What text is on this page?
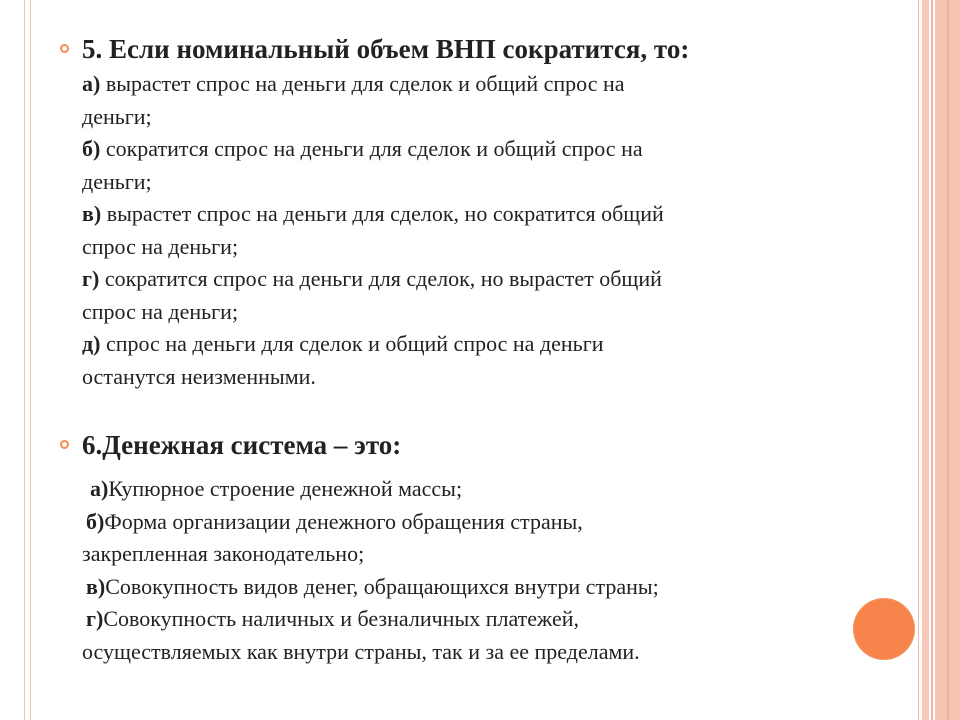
5. Если номинальный объем ВНП сократится, то:
а) вырастет спрос на деньги для сделок и общий спрос на
деньги;
б) сократится спрос на деньги для сделок и общий спрос на
деньги;
в) вырастет спрос на деньги для сделок, но сократится общий
спрос на деньги;
г) сократится спрос на деньги для сделок, но вырастет общий
спрос на деньги;
д) спрос на деньги для сделок и общий спрос на деньги
останутся неизменными.
6.Денежная система – это:
а)Купюрное строение денежной массы;
б)Форма организации денежного обращения страны,
закрепленная законодательно;
в)Совокупность видов денег, обращающихся внутри страны;
г)Совокупность наличных и безналичных платежей,
осуществляемых как внутри страны, так и за ее пределами.
